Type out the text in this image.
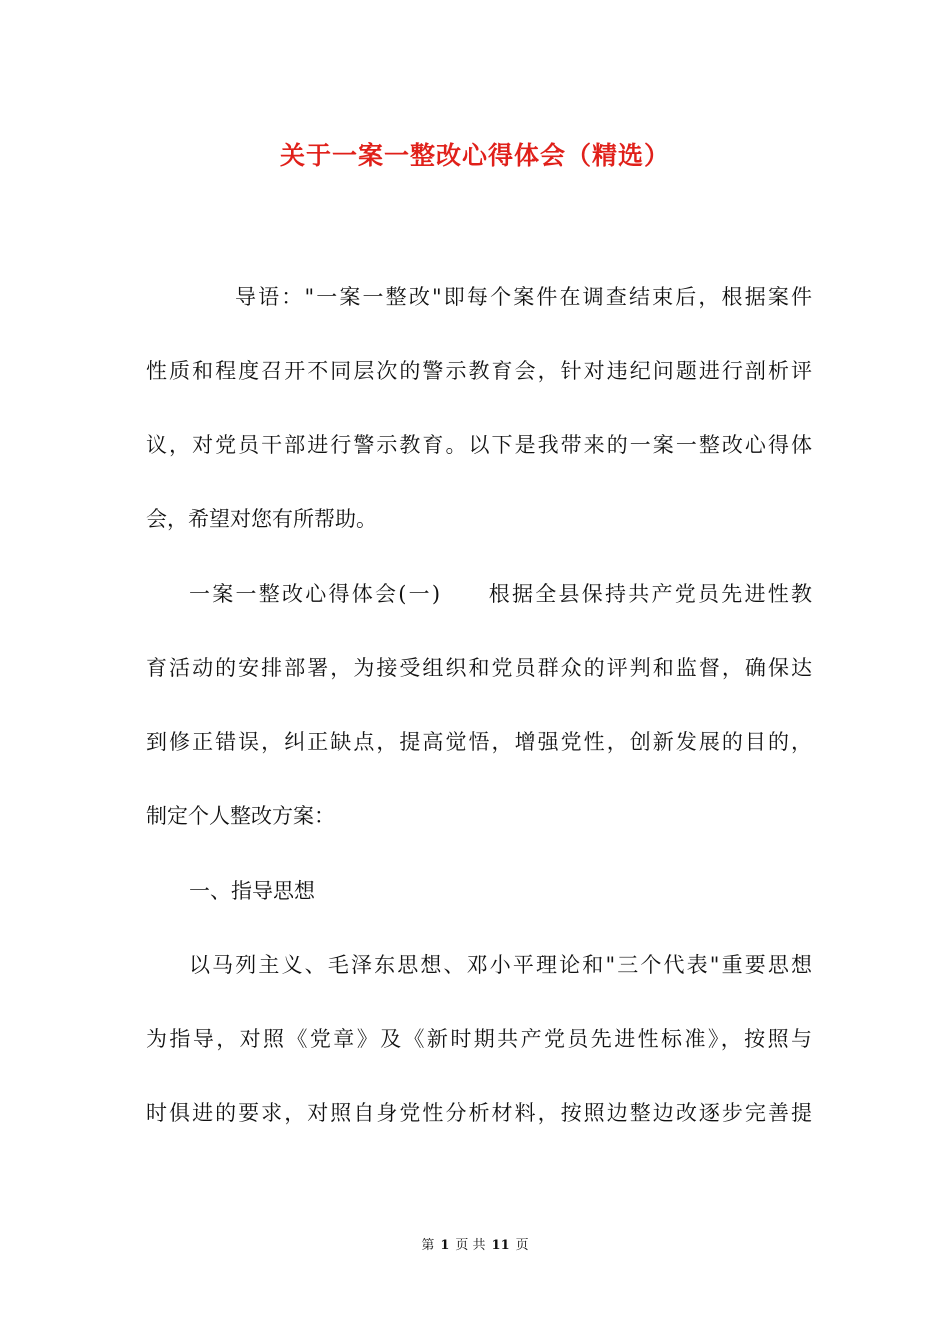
关于一案一整改心得体会（精选）
导语："一案一整改"即每个案件在调查结束后，根据案件
性质和程度召开不同层次的警示教育会，针对违纪问题进行剖析评
议，对党员干部进行警示教育。以下是我带来的一案一整改心得体
会，希望对您有所帮助。
一案一整改心得体会(一)　　根据全县保持共产党员先进性教
育活动的安排部署，为接受组织和党员群众的评判和监督，确保达
到修正错误，纠正缺点，提高觉悟，增强党性，创新发展的目的，
制定个人整改方案：
一、指导思想
以马列主义、毛泽东思想、邓小平理论和"三个代表"重要思想
为指导，对照《党章》及《新时期共产党员先进性标准》，按照与
时俱进的要求，对照自身党性分析材料，按照边整边改逐步完善提
第 1 页 共 11 页
